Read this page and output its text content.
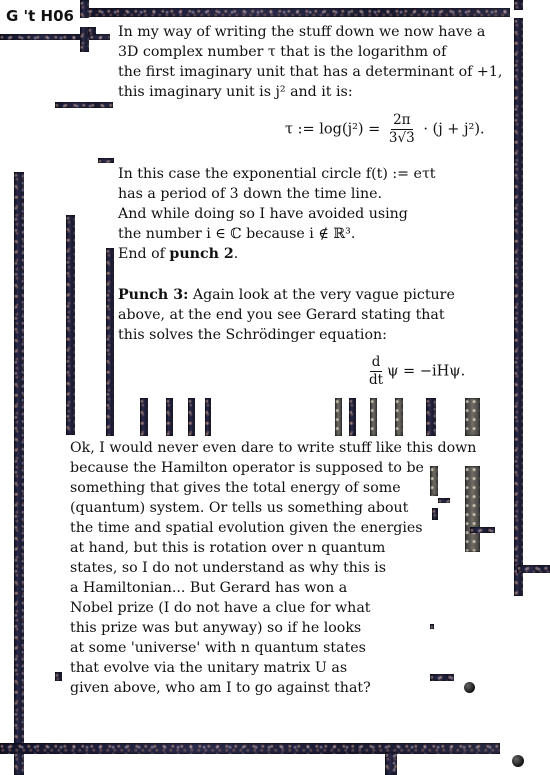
G 't H06

In my way of writing the stuff down we now have a

3D complex number τ that is the logarithm of

the first imaginary unit that has a determinant of +1,

this imaginary unit is j² and it is:

τ := $\log(j^2) = \frac{2\pi}{3√3} \cdot (j + j^2)$.

In this case the exponential circle f(t) := eτt

has a period of 3 down the time line.

And while doing so I have avoided using

the number i ∈ ℂ because i ∉ ℝ³.

End of punch 2.

Punch 3: Again look at the very vague picture

above, at the end you see Gerard stating that

this solves the Schrödinger equation:

$\frac{d}{dt}$ ψ = −iHψ.

Ok, I would never even dare to write stuff like this down

because the Hamilton operator is supposed to be

something that gives the total energy of some

(quantum) system. Or tells us something about

the time and spatial evolution given the energies

at hand, but this is rotation over n quantum

states, so I do not understand as why this is

a Hamiltonian... But Gerard has won a

Nobel prize (I do not have a clue for what

this prize was but anyway) so if he looks

at some 'universe' with n quantum states

that evolve via the unitary matrix U as

given above, who am I to go against that?
